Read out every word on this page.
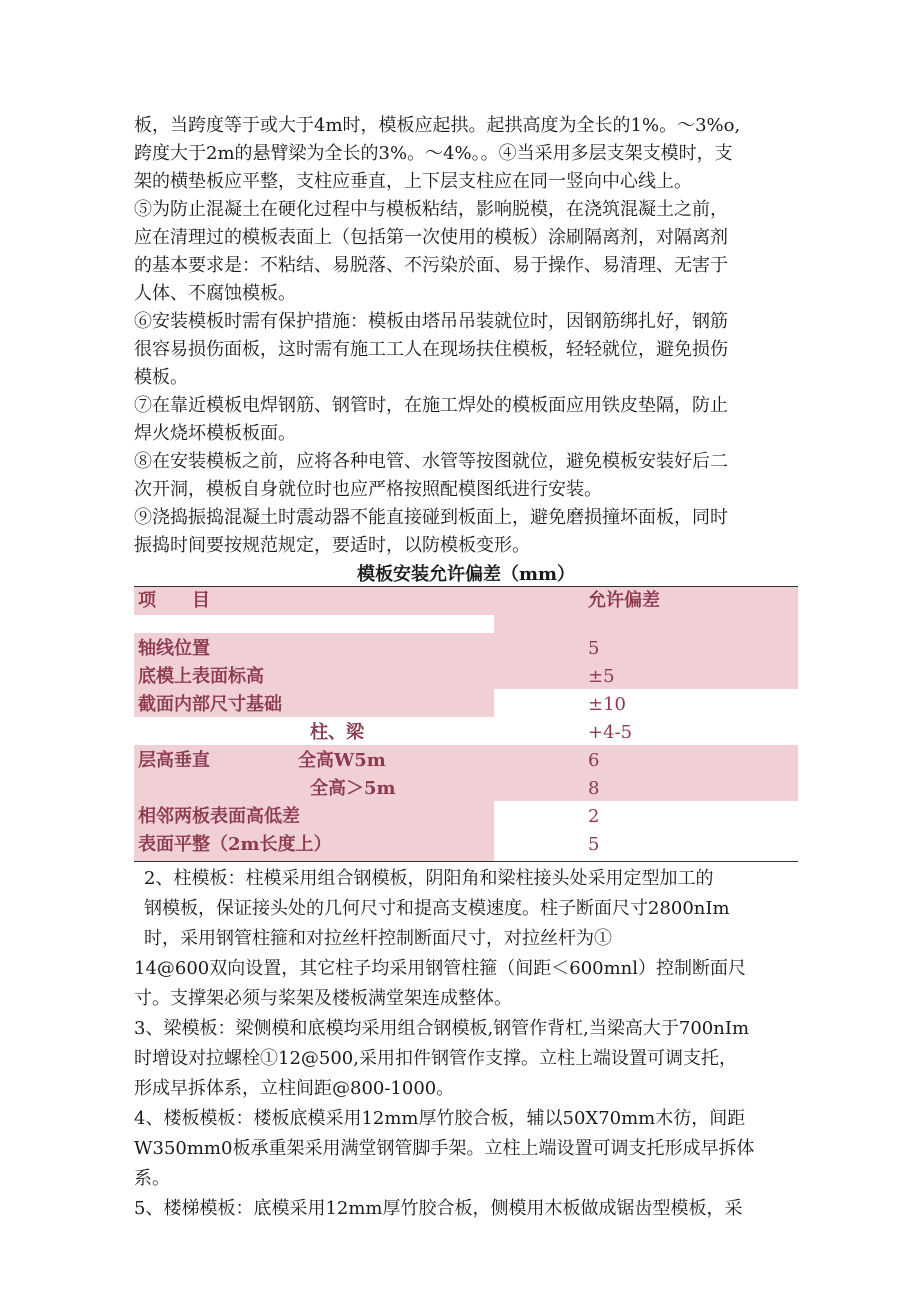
板，当跨度等于或大于4m时，模板应起拱。起拱高度为全长的1%。～3%o,

跨度大于2m的悬臂梁为全长的3%。～4%。。④当采用多层支架支模时，支

架的横垫板应平整，支柱应垂直，上下层支柱应在同一竖向中心线上。

⑤为防止混凝土在硬化过程中与模板粘结，影响脱模，在浇筑混凝土之前，

应在清理过的模板表面上（包括第一次使用的模板）涂刷隔离剂，对隔离剂

的基本要求是：不粘结、易脱落、不污染於面、易于操作、易清理、无害于

人体、不腐蚀模板。

⑥安装模板时需有保护措施：模板由塔吊吊装就位时，因钢筋绑扎好，钢筋

很容易损伤面板，这时需有施工工人在现场扶住模板，轻轻就位，避免损伤

模板。

⑦在靠近模板电焊钢筋、钢管时，在施工焊处的模板面应用铁皮垫隔，防止

焊火烧坏模板板面。

⑧在安装模板之前，应将各种电管、水管等按图就位，避免模板安装好后二

次开洞，模板自身就位时也应严格按照配模图纸进行安装。

⑨浇捣振捣混凝土时震动器不能直接碰到板面上，避免磨损撞坏面板，同时

振捣时间要按规范规定，要适时，以防模板变形。

模板安装允许偏差（mm）
项　　目	允许偏差
轴线位置	5
底模上表面标高	±5
截面内部尺寸基础	±10
柱、梁	+4-5
层高垂直	全高W5m	6
全高＞5m	8
相邻两板表面高低差	2
表面平整（2m长度上）	5

2、柱模板：柱模采用组合钢模板，阴阳角和梁柱接头处采用定型加工的

钢模板，保证接头处的几何尺寸和提高支模速度。柱子断面尺寸2800nIm

时，采用钢管柱箍和对拉丝杆控制断面尺寸，对拉丝杆为①

14@600双向设置，其它柱子均采用钢管柱箍（间距＜600mnl）控制断面尺

寸。支撑架必须与桨架及楼板满堂架连成整体。

3、梁模板：梁侧模和底模均采用组合钢模板,钢管作背杠,当梁高大于700nIm

时增设对拉螺栓①12@500,采用扣件钢管作支撑。立柱上端设置可调支托，

形成早拆体系，立柱间距@800-1000。

4、楼板模板：楼板底模采用12mm厚竹胶合板，辅以50X70mm木彷，间距

W350mm0板承重架采用满堂钢管脚手架。立柱上端设置可调支托形成早拆体

系。

5、楼梯模板：底模采用12mm厚竹胶合板，侧模用木板做成锯齿型模板，采
